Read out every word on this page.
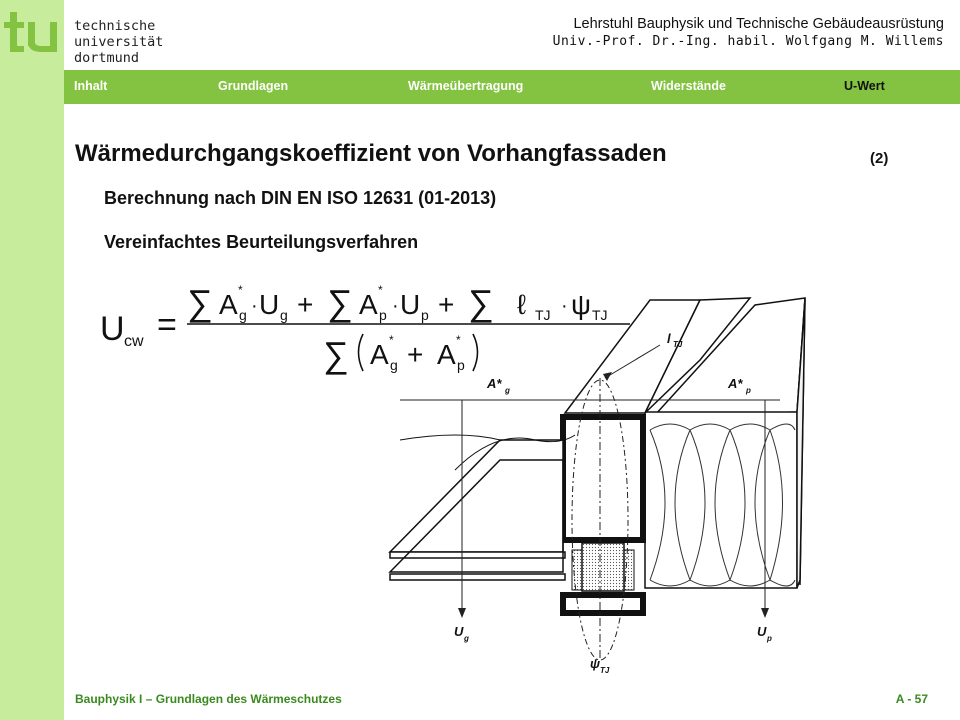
technische
universität
dortmund
Lehrstuhl Bauphysik und Technische Gebäudeausrüstung
Univ.-Prof. Dr.-Ing. habil. Wolfgang M. Willems
Inhalt	Grundlagen	Wärmeübertragung	Widerstände	U-Wert
Wärmedurchgangskoeffizient von Vorhangfassaden	(2)
Berechnung nach DIN EN ISO 12631 (01-2013)
Vereinfachtes Beurteilungsverfahren
U cw =
∑ A *
g · U g + ∑ A *
p · U p + ∑ ℓ TJ · ψ TJ
∑ A *
g + A *
p
l TJ
A* g	A* p
U g	U p
ψ TJ
Bauphysik I – Grundlagen des Wärmeschutzes	A - 57
